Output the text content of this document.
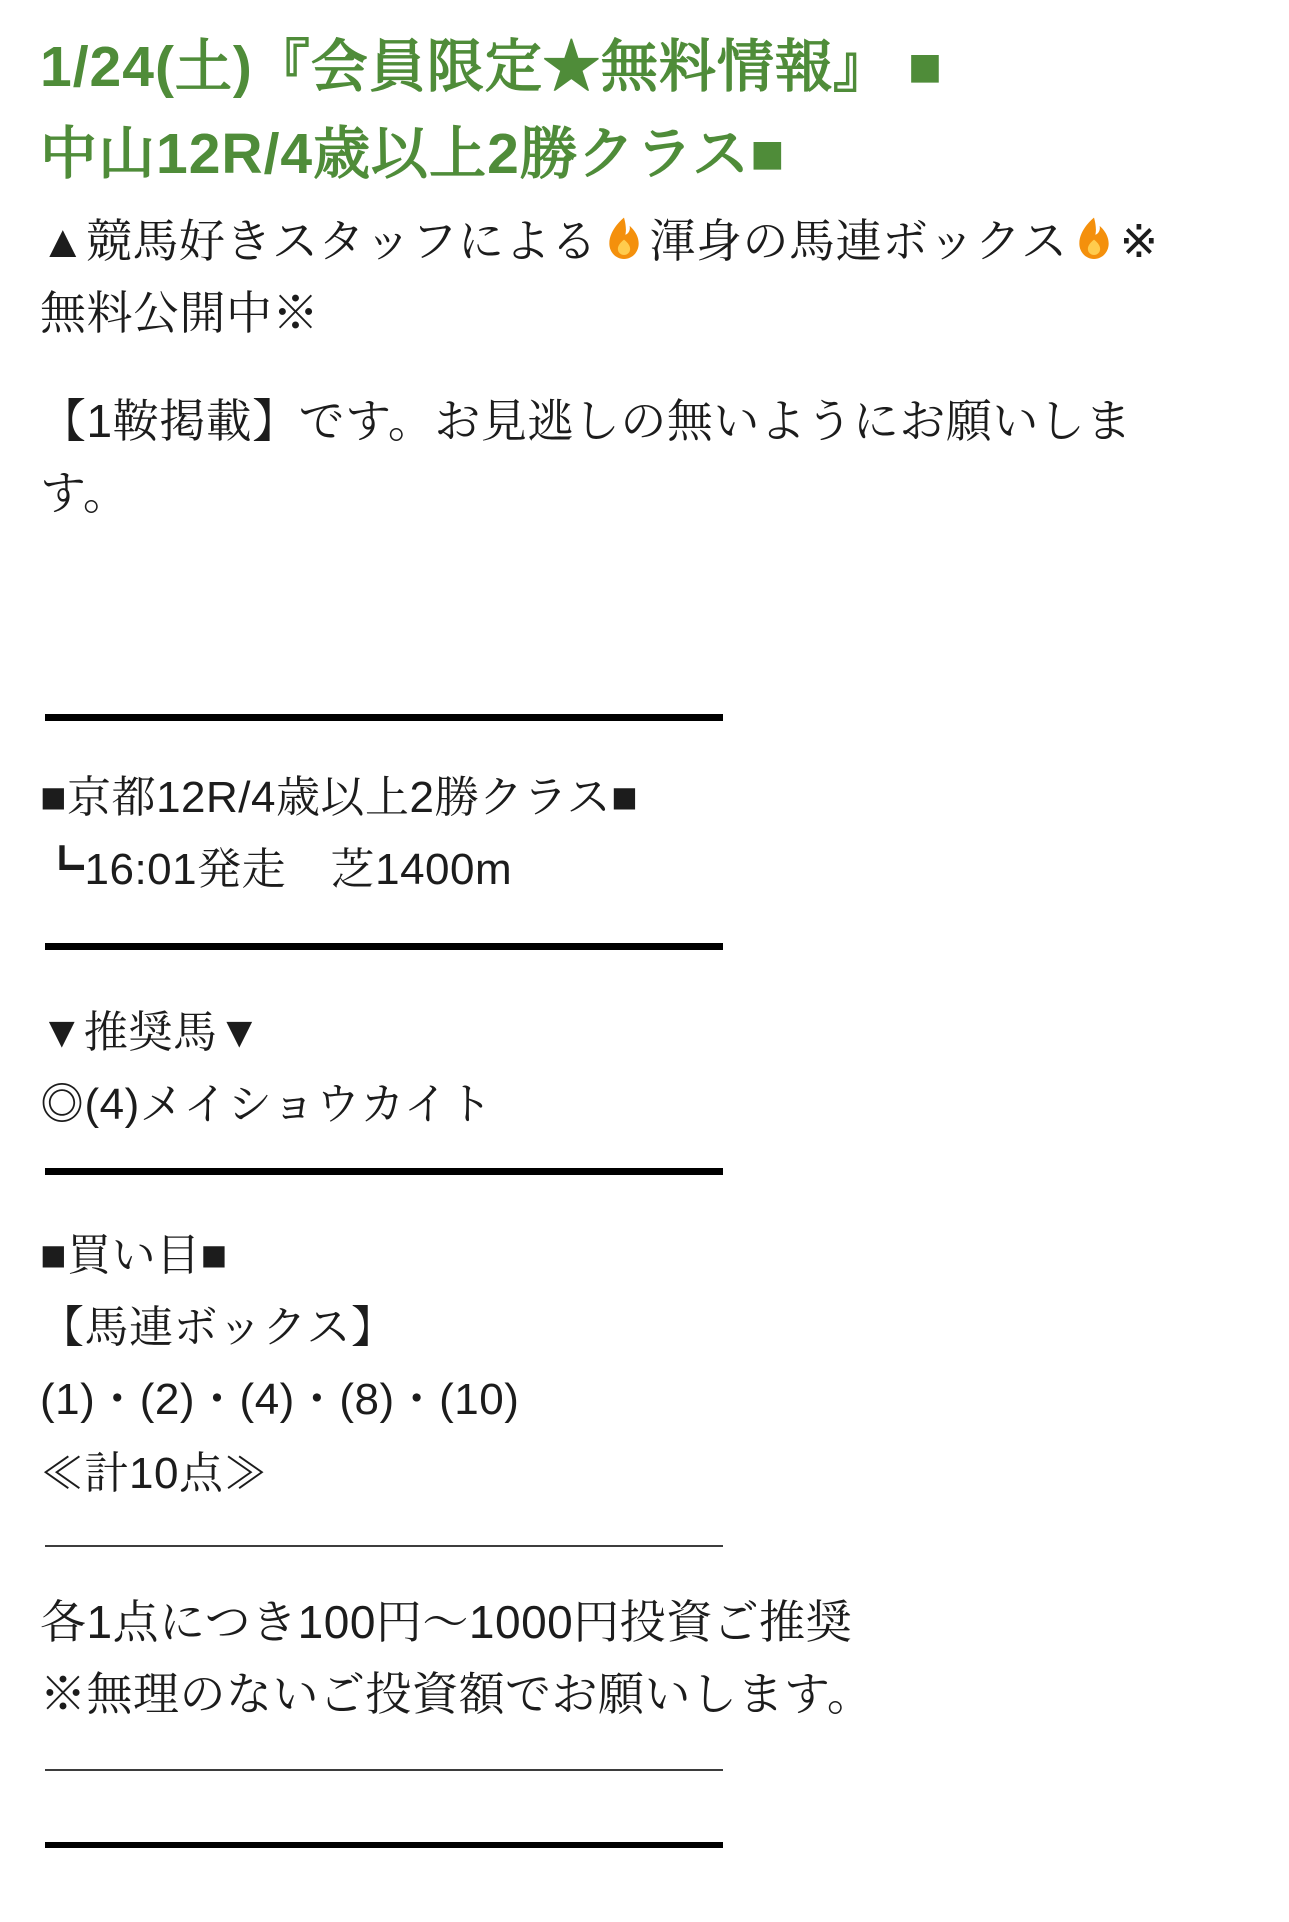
1/24(土)『会員限定★無料情報』 ■
中山12R/4歳以上2勝クラス■

▲競馬好きスタッフによる 渾身の馬連ボックス ※
無料公開中※

【1鞍掲載】です。お見逃しの無いようにお願いしま
す。

■京都12R/4歳以上2勝クラス■

┗16:01発走　芝1400m

▼推奨馬▼

◎(4)メイショウカイト

■買い目■

【馬連ボックス】

(1)・(2)・(4)・(8)・(10)

≪計10点≫

各1点につき100円〜1000円投資ご推奨
※無理のないご投資額でお願いします。
